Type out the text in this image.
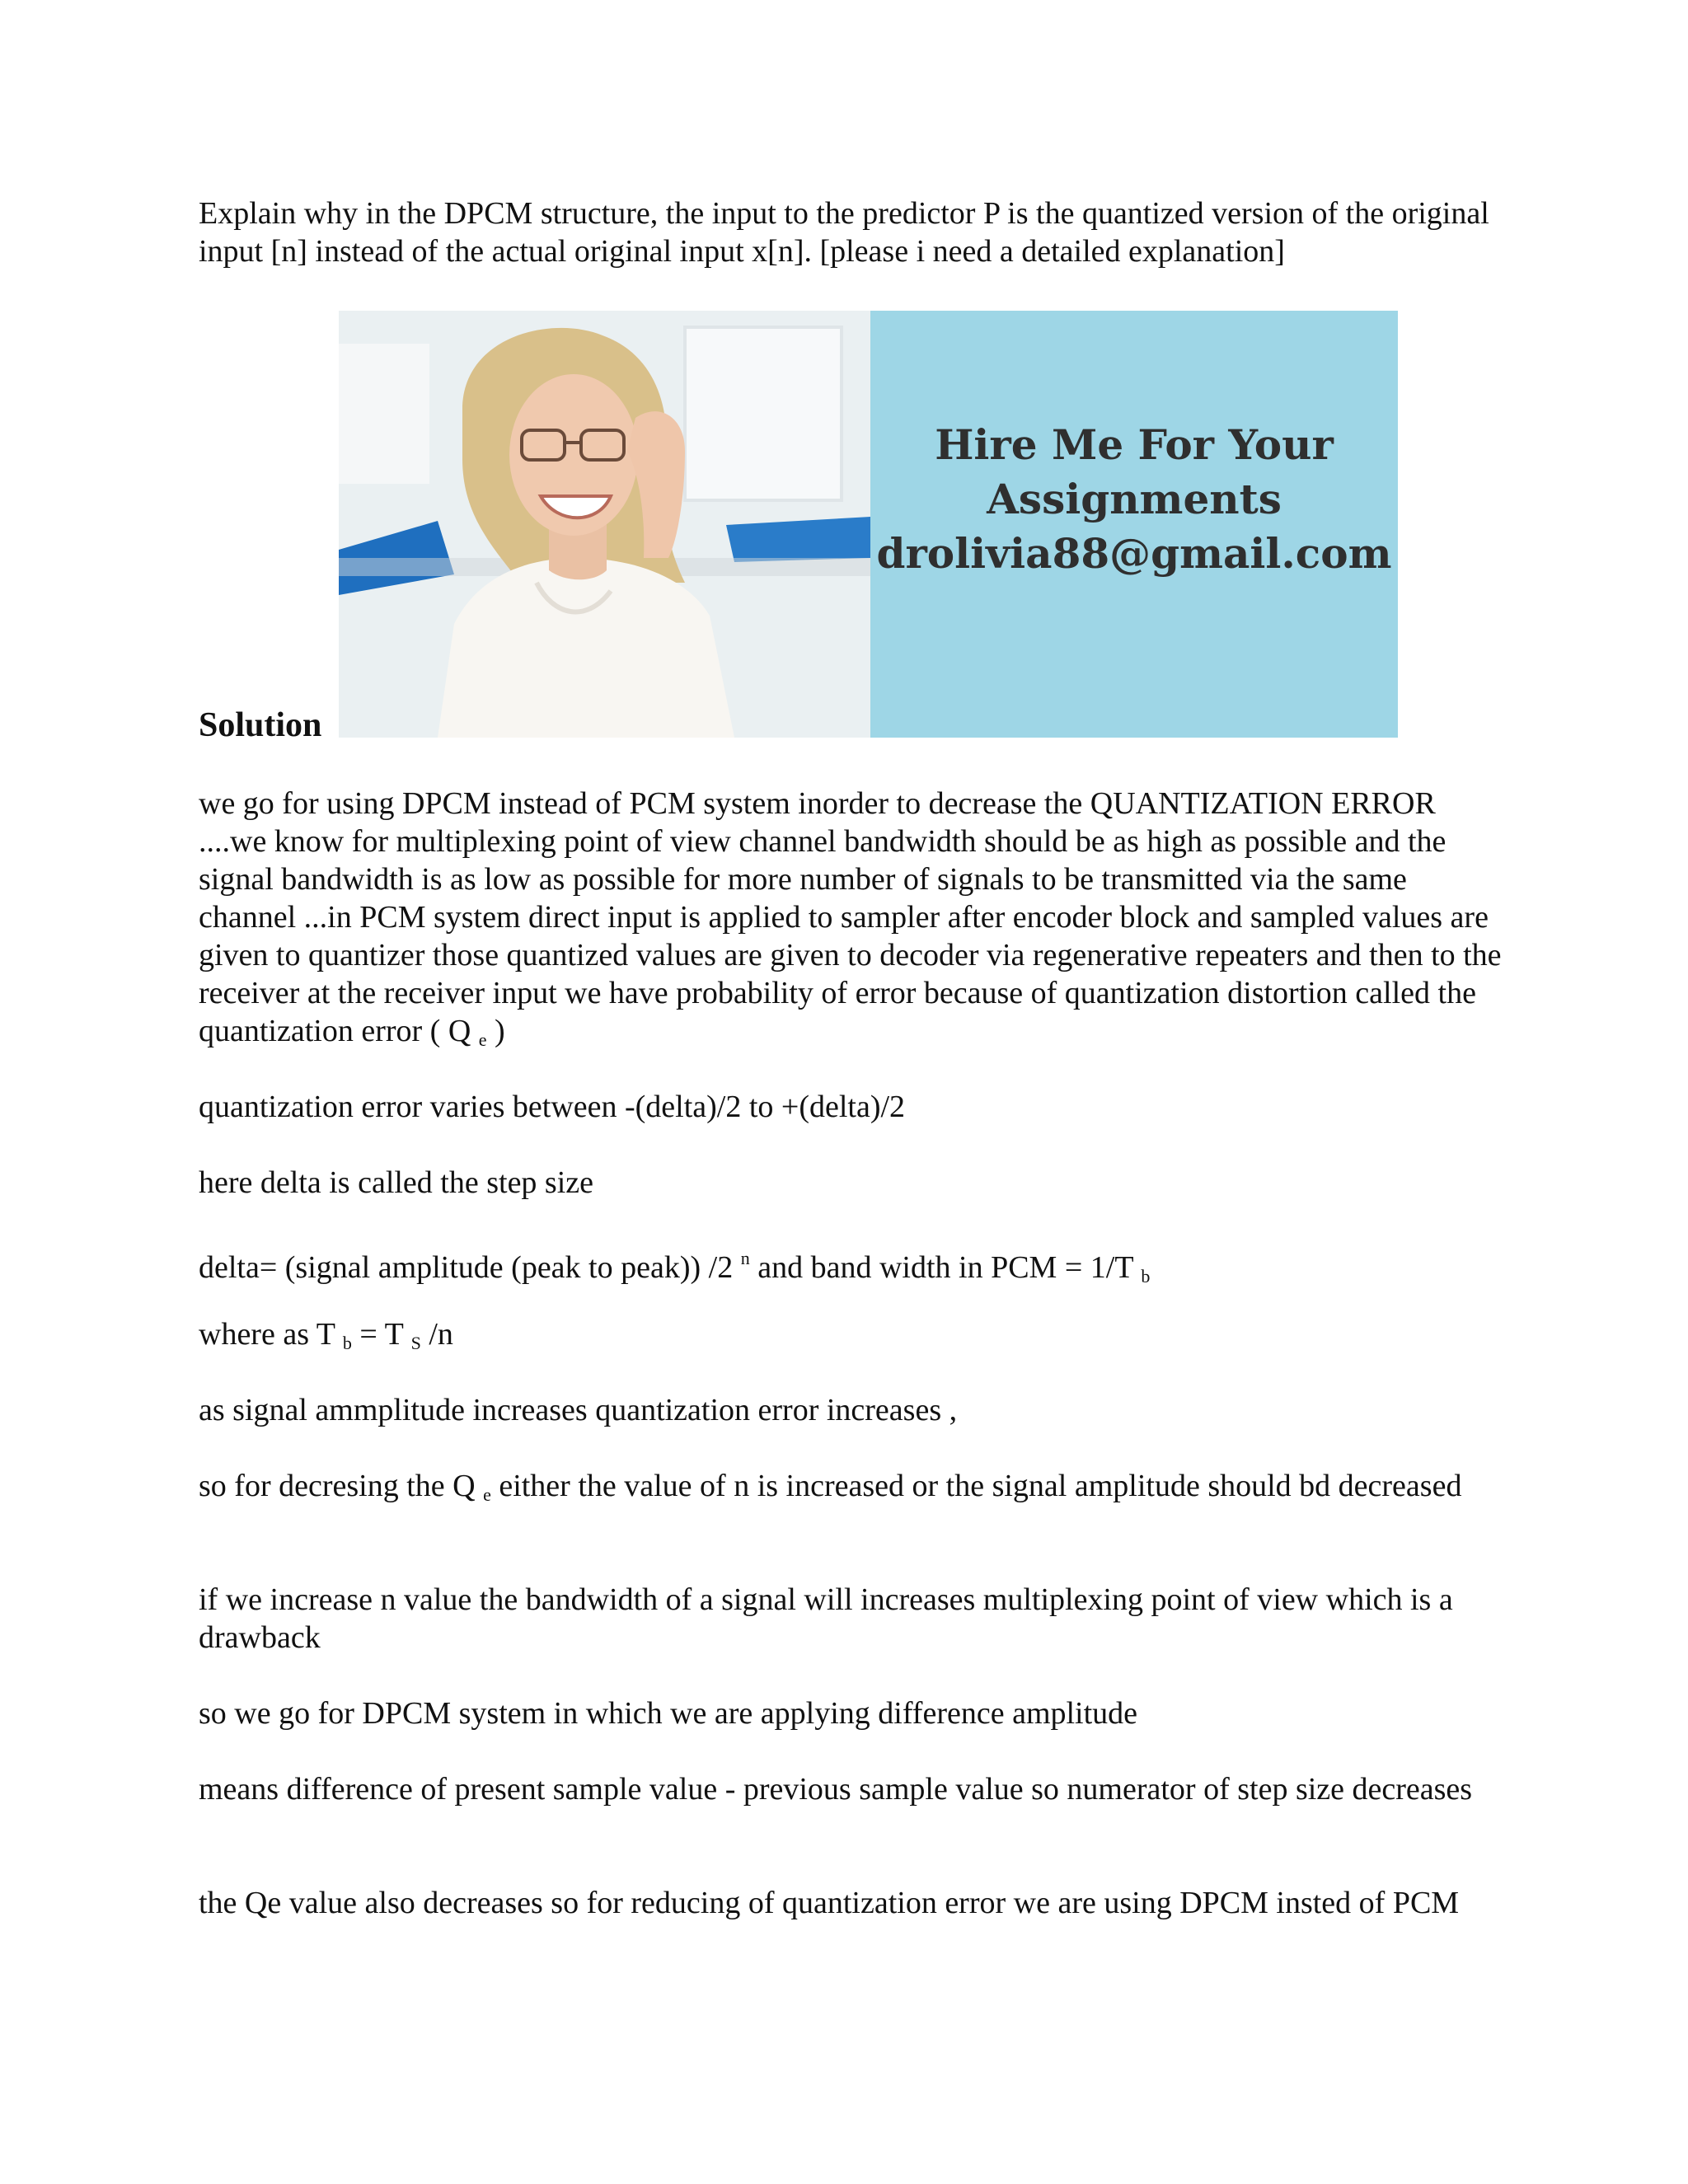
Explain why in the DPCM structure, the input to the predictor P is the quantized version of the original input [n] instead of the actual original input x[n]. [please i need a detailed explanation]

Hire Me For Your
Assignments
drolivia88@gmail.com
Solution

we go for using DPCM instead of PCM system inorder to decrease the QUANTIZATION ERROR ....we know for multiplexing point of view channel bandwidth should be as high as possible and the signal bandwidth is as low as possible for more number of signals to be transmitted via the same channel ...in PCM system direct input is applied to sampler after encoder block and sampled values are given to quantizer those quantized values are given to decoder via regenerative repeaters and then to the receiver at the receiver input we have probability of error because of quantization distortion called the quantization error ( Q $_e$ )

quantization error varies between -(delta)/2 to +(delta)/2

here delta is called the step size

delta= (signal amplitude (peak to peak)) /2 $^n$ and band width in PCM = 1/T $_b$

where as T $_b$ = T $_S$ /n

as signal ammplitude increases quantization error increases ,

so for decresing the Q $_e$ either the value of n is increased or the signal amplitude should bd decreased

if we increase n value the bandwidth of a signal will increases multiplexing point of view which is a drawback

so we go for DPCM system in which we are applying difference amplitude

means difference of present sample value - previous sample value so numerator of step size decreases

the Qe value also decreases so for reducing of quantization error we are using DPCM insted of PCM
